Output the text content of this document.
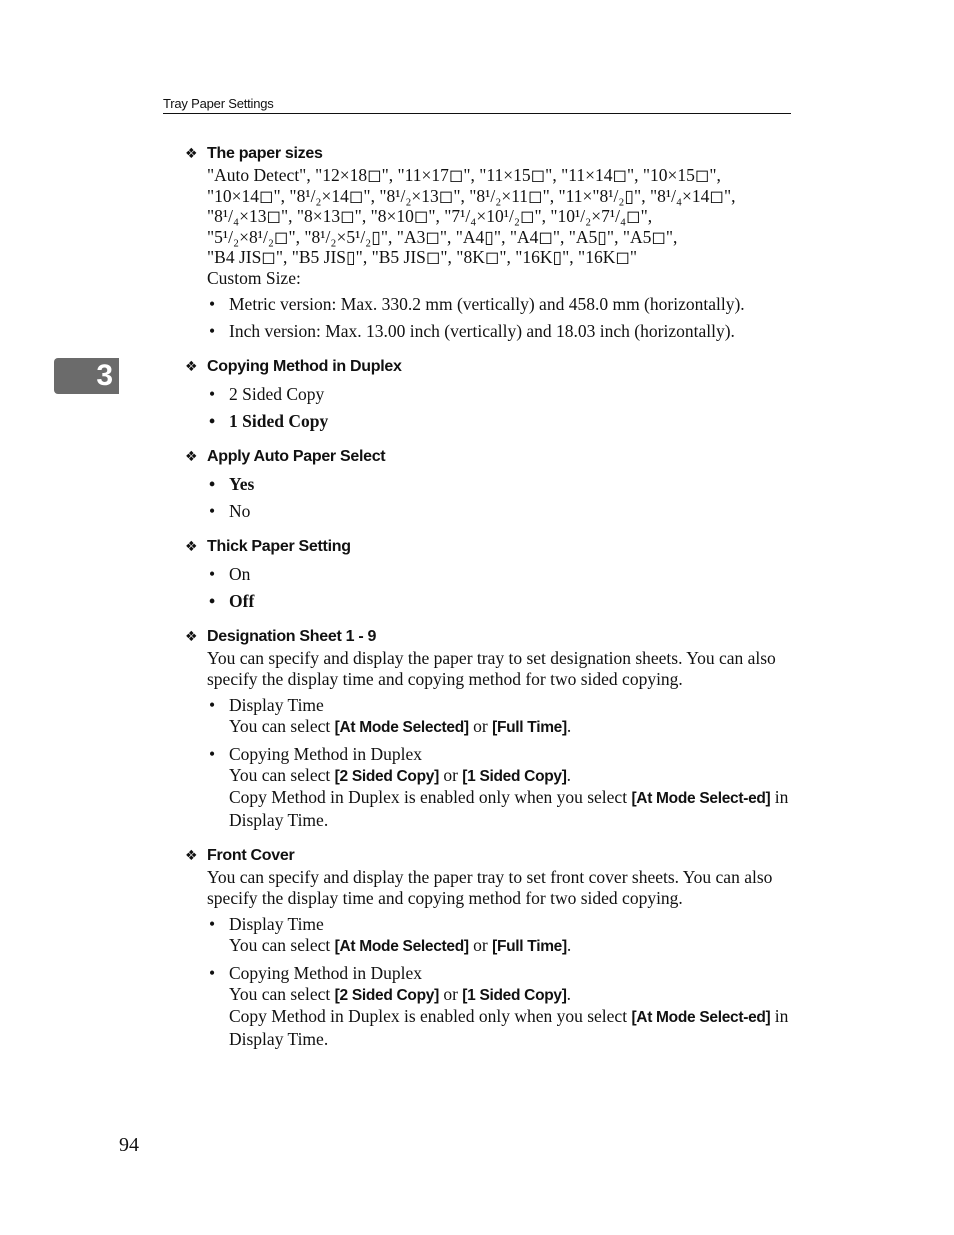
Tray Paper Settings
3
❖ The paper sizes
"Auto Detect", "12×18◻", "11×17◻", "11×15◻", "11×14◻", "10×15◻",
"10×14◻", "8¹/₂×14◻", "8¹/₂×13◻", "8¹/₂×11◻", "11×"8¹/₂▯", "8¹/₄×14◻",
"8¹/₄×13◻", "8×13◻", "8×10◻", "7¹/₄×10¹/₂◻", "10¹/₂×7¹/₄◻",
"5¹/₂×8¹/₂◻", "8¹/₂×5¹/₂▯", "A3◻", "A4▯", "A4◻", "A5▯", "A5◻",
"B4 JIS◻", "B5 JIS▯", "B5 JIS◻", "8K◻", "16K▯", "16K◻"
Custom Size:
• Metric version: Max. 330.2 mm (vertically) and 458.0 mm (horizontally).
• Inch version: Max. 13.00 inch (vertically) and 18.03 inch (horizontally).
❖ Copying Method in Duplex
• 2 Sided Copy
• 1 Sided Copy
❖ Apply Auto Paper Select
• Yes
• No
❖ Thick Paper Setting
• On
• Off
❖ Designation Sheet 1 - 9

You can specify and display the paper tray to set designation sheets. You can also specify the display time and copying method for two sided copying.

• Display Time
You can select [At Mode Selected] or [Full Time].
• Copying Method in Duplex
You can select [2 Sided Copy] or [1 Sided Copy].
Copy Method in Duplex is enabled only when you select [At Mode Select-ed] in Display Time.
❖ Front Cover

You can specify and display the paper tray to set front cover sheets. You can also specify the display time and copying method for two sided copying.

• Display Time
You can select [At Mode Selected] or [Full Time].
• Copying Method in Duplex
You can select [2 Sided Copy] or [1 Sided Copy].
Copy Method in Duplex is enabled only when you select [At Mode Select-ed] in Display Time.
94
